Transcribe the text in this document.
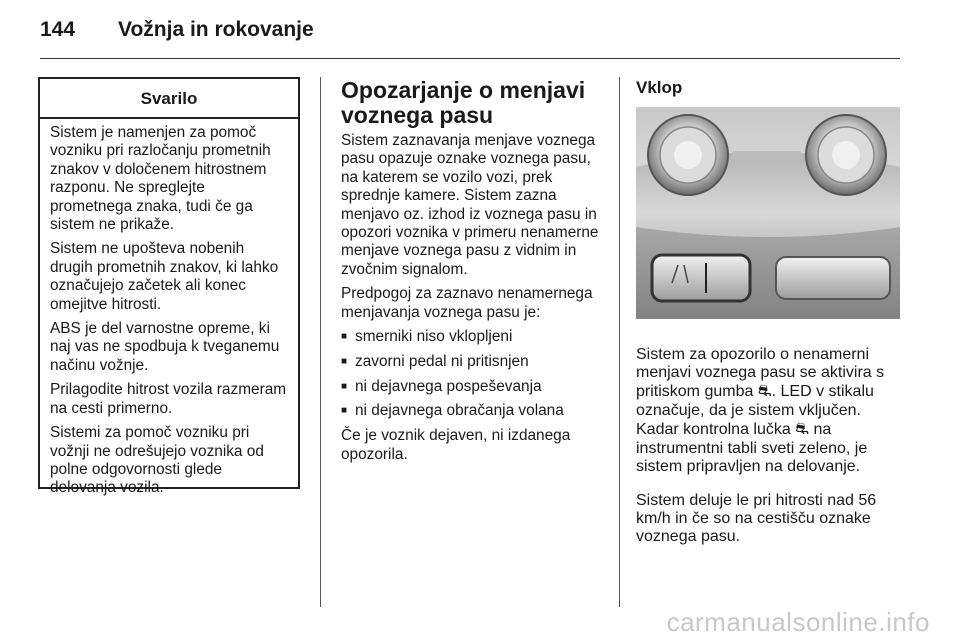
144 Vožnja in rokovanje
Svarilo

Sistem je namenjen za pomoč vozniku pri razločanju prometnih znakov v določenem hitrostnem razponu. Ne spreglejte prometnega znaka, tudi če ga sistem ne prikaže.

Sistem ne upošteva nobenih drugih prometnih znakov, ki lahko označujejo začetek ali konec omejitve hitrosti.

ABS je del varnostne opreme, ki naj vas ne spodbuja k tveganemu načinu vožnje.

Prilagodite hitrost vozila razmeram na cesti primerno.

Sistemi za pomoč vozniku pri vožnji ne odrešujejo voznika od polne odgovornosti glede delovanja vozila.

Opozarjanje o menjavi voznega pasu

Sistem zaznavanja menjave voznega pasu opazuje oznake voznega pasu, na katerem se vozilo vozi, prek sprednje kamere. Sistem zazna menjavo oz. izhod iz voznega pasu in opozori voznika v primeru nenamerne menjave voznega pasu z vidnim in zvočnim signalom.

Predpogoj za zaznavo nenamernega menjavanja voznega pasu je:

■ smerniki niso vklopljeni
■ zavorni pedal ni pritisnjen
■ ni dejavnega pospeševanja
■ ni dejavnega obračanja volana

Če je voznik dejaven, ni izdanega opozorila.

Vklop

Sistem za opozorilo o nenamerni menjavi voznega pasu se aktivira s pritiskom gumba ⛐. LED v stikalu označuje, da je sistem vključen. Kadar kontrolna lučka ⛐ na instrumentni tabli sveti zeleno, je sistem pripravljen na delovanje.

Sistem deluje le pri hitrosti nad 56 km/h in če so na cestišču oznake voznega pasu.

carmanualsonline.info
